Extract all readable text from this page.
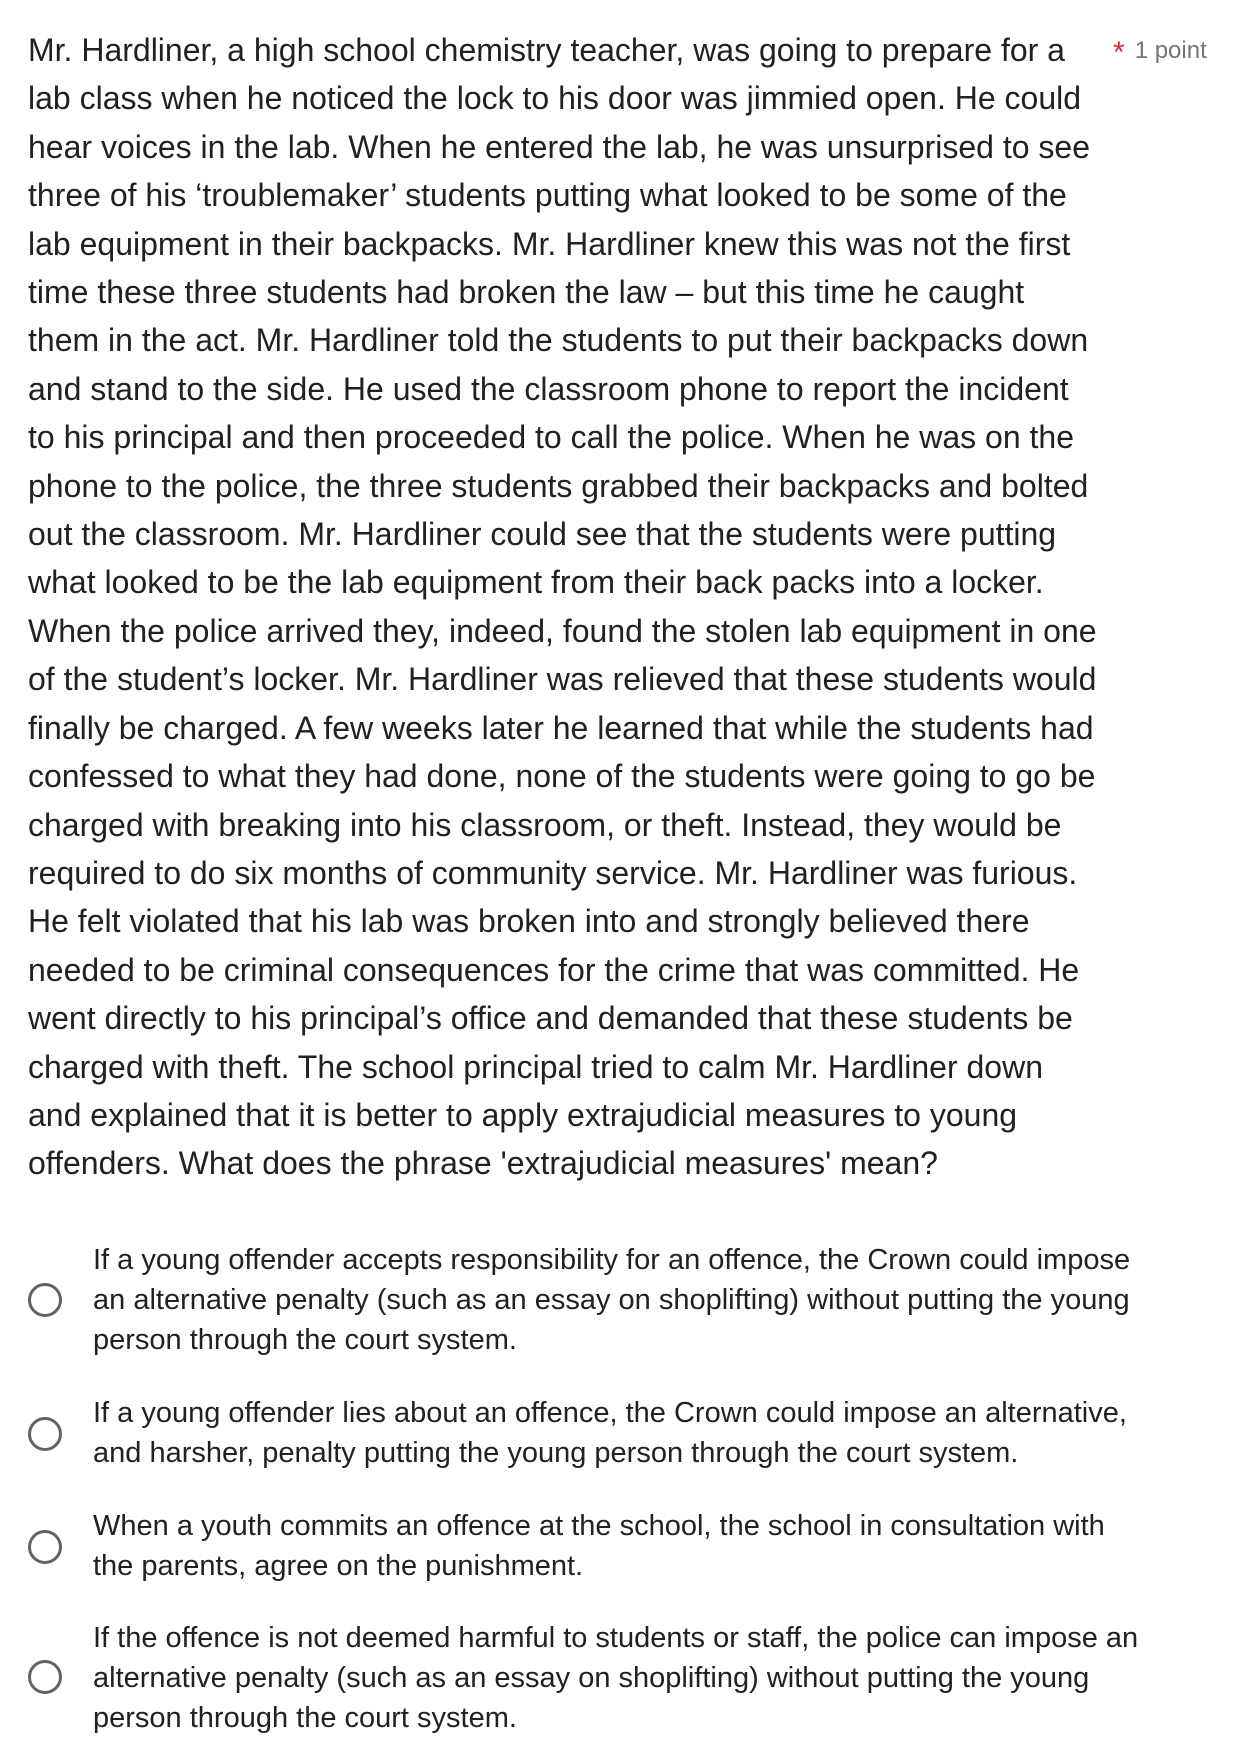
Mr. Hardliner, a high school chemistry teacher, was going to prepare for a
lab class when he noticed the lock to his door was jimmied open. He could
hear voices in the lab. When he entered the lab, he was unsurprised to see
three of his ‘troublemaker’ students putting what looked to be some of the
lab equipment in their backpacks. Mr. Hardliner knew this was not the first
time these three students had broken the law – but this time he caught
them in the act. Mr. Hardliner told the students to put their backpacks down
and stand to the side. He used the classroom phone to report the incident
to his principal and then proceeded to call the police. When he was on the
phone to the police, the three students grabbed their backpacks and bolted
out the classroom. Mr. Hardliner could see that the students were putting
what looked to be the lab equipment from their back packs into a locker.
When the police arrived they, indeed, found the stolen lab equipment in one
of the student’s locker. Mr. Hardliner was relieved that these students would
finally be charged. A few weeks later he learned that while the students had
confessed to what they had done, none of the students were going to go be
charged with breaking into his classroom, or theft. Instead, they would be
required to do six months of community service. Mr. Hardliner was furious.
He felt violated that his lab was broken into and strongly believed there
needed to be criminal consequences for the crime that was committed. He
went directly to his principal’s office and demanded that these students be
charged with theft. The school principal tried to calm Mr. Hardliner down
and explained that it is better to apply extrajudicial measures to young
offenders. What does the phrase 'extrajudicial measures' mean?

* 1 point
If a young offender accepts responsibility for an offence, the Crown could impose
an alternative penalty (such as an essay on shoplifting) without putting the young
person through the court system.
If a young offender lies about an offence, the Crown could impose an alternative,
and harsher, penalty putting the young person through the court system.
When a youth commits an offence at the school, the school in consultation with
the parents, agree on the punishment.
If the offence is not deemed harmful to students or staff, the police can impose an
alternative penalty (such as an essay on shoplifting) without putting the young
person through the court system.
